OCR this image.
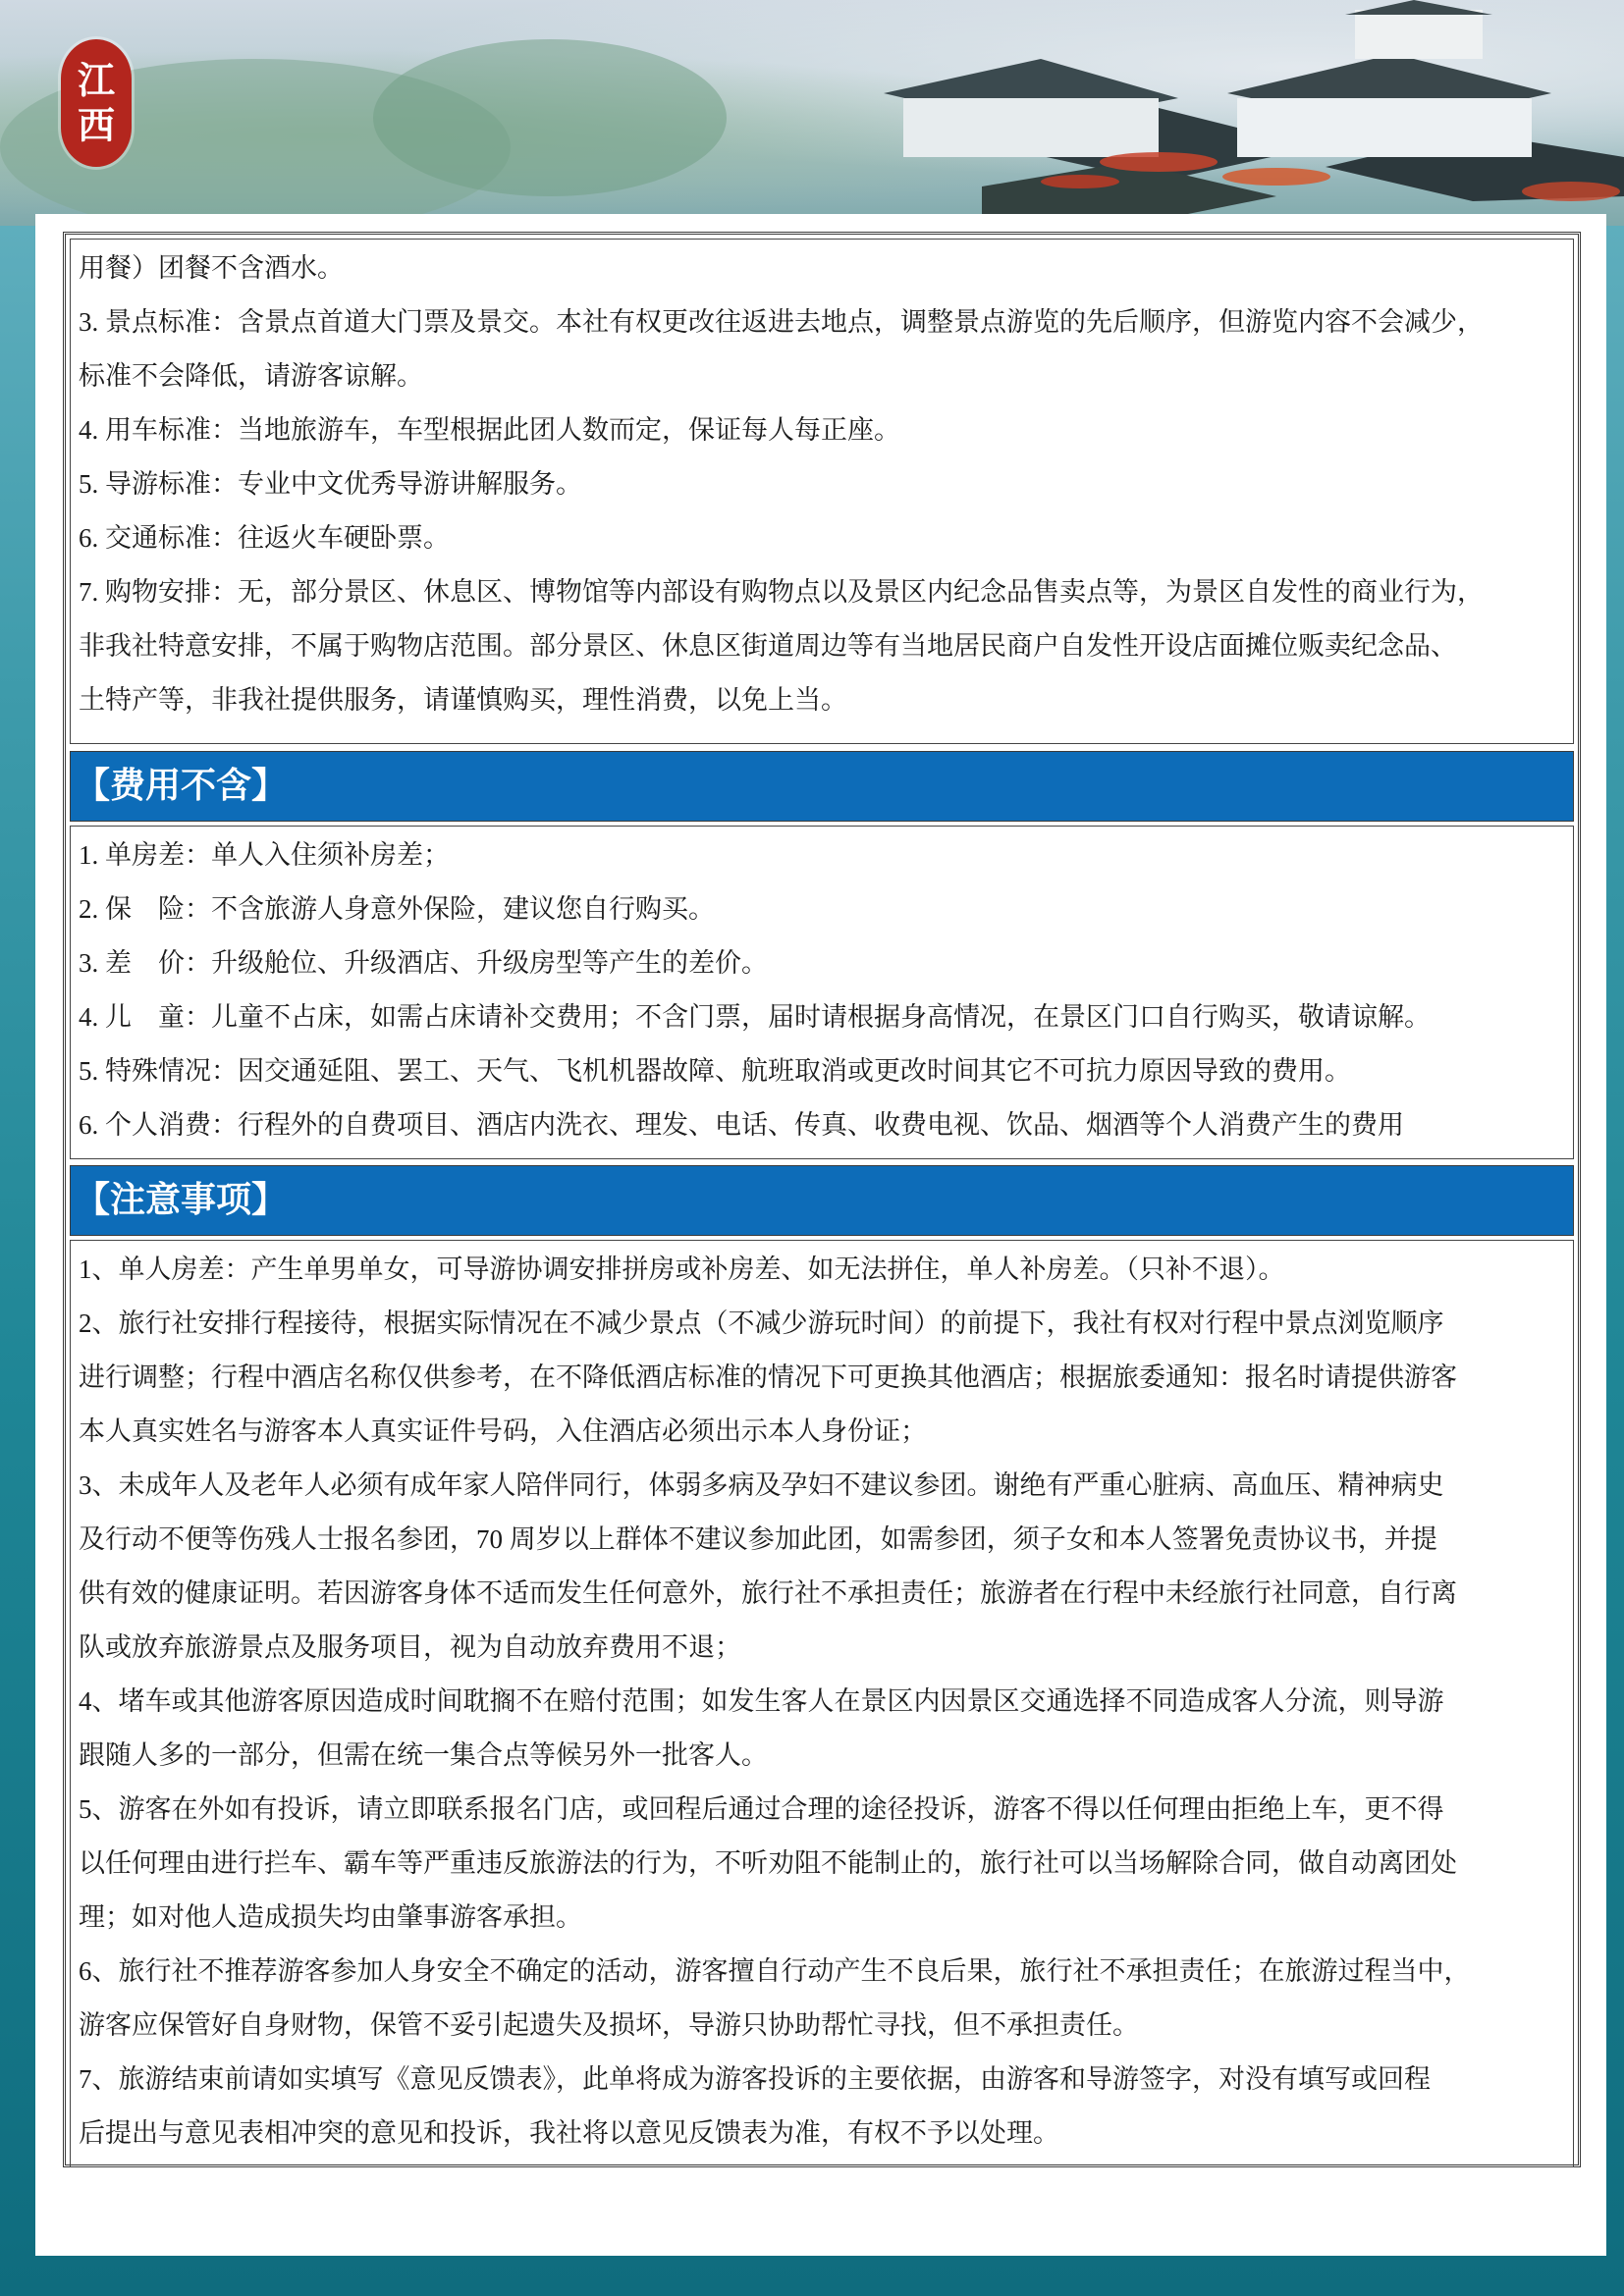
江
西
用餐）团餐不含酒水。
3. 景点标准：含景点首道大门票及景交。本社有权更改往返进去地点，调整景点游览的先后顺序，但游览内容不会减少，
标准不会降低，请游客谅解。
4. 用车标准：当地旅游车，车型根据此团人数而定，保证每人每正座。
5. 导游标准：专业中文优秀导游讲解服务。
6. 交通标准：往返火车硬卧票。
7. 购物安排：无，部分景区、休息区、博物馆等内部设有购物点以及景区内纪念品售卖点等，为景区自发性的商业行为，
非我社特意安排，不属于购物店范围。部分景区、休息区街道周边等有当地居民商户自发性开设店面摊位贩卖纪念品、
土特产等，非我社提供服务，请谨慎购买，理性消费，以免上当。
【费用不含】
1. 单房差：单人入住须补房差；
2. 保　险：不含旅游人身意外保险，建议您自行购买。
3. 差　价：升级舱位、升级酒店、升级房型等产生的差价。
4. 儿　童：儿童不占床，如需占床请补交费用；不含门票，届时请根据身高情况，在景区门口自行购买，敬请谅解。
5. 特殊情况：因交通延阻、罢工、天气、飞机机器故障、航班取消或更改时间其它不可抗力原因导致的费用。
6. 个人消费：行程外的自费项目、酒店内洗衣、理发、电话、传真、收费电视、饮品、烟酒等个人消费产生的费用
【注意事项】
1、单人房差：产生单男单女，可导游协调安排拼房或补房差、如无法拼住，单人补房差。（只补不退）。
2、旅行社安排行程接待，根据实际情况在不减少景点（不减少游玩时间）的前提下，我社有权对行程中景点浏览顺序
进行调整；行程中酒店名称仅供参考，在不降低酒店标准的情况下可更换其他酒店；根据旅委通知：报名时请提供游客
本人真实姓名与游客本人真实证件号码，入住酒店必须出示本人身份证；
3、未成年人及老年人必须有成年家人陪伴同行，体弱多病及孕妇不建议参团。谢绝有严重心脏病、高血压、精神病史
及行动不便等伤残人士报名参团，70 周岁以上群体不建议参加此团，如需参团，须子女和本人签署免责协议书，并提
供有效的健康证明。若因游客身体不适而发生任何意外，旅行社不承担责任；旅游者在行程中未经旅行社同意，自行离
队或放弃旅游景点及服务项目，视为自动放弃费用不退；
4、堵车或其他游客原因造成时间耽搁不在赔付范围；如发生客人在景区内因景区交通选择不同造成客人分流，则导游
跟随人多的一部分，但需在统一集合点等候另外一批客人。
5、游客在外如有投诉，请立即联系报名门店，或回程后通过合理的途径投诉，游客不得以任何理由拒绝上车，更不得
以任何理由进行拦车、霸车等严重违反旅游法的行为，不听劝阻不能制止的，旅行社可以当场解除合同，做自动离团处
理；如对他人造成损失均由肇事游客承担。
6、旅行社不推荐游客参加人身安全不确定的活动，游客擅自行动产生不良后果，旅行社不承担责任；在旅游过程当中，
游客应保管好自身财物，保管不妥引起遗失及损坏，导游只协助帮忙寻找，但不承担责任。
7、旅游结束前请如实填写《意见反馈表》，此单将成为游客投诉的主要依据，由游客和导游签字，对没有填写或回程
后提出与意见表相冲突的意见和投诉，我社将以意见反馈表为准，有权不予以处理。
